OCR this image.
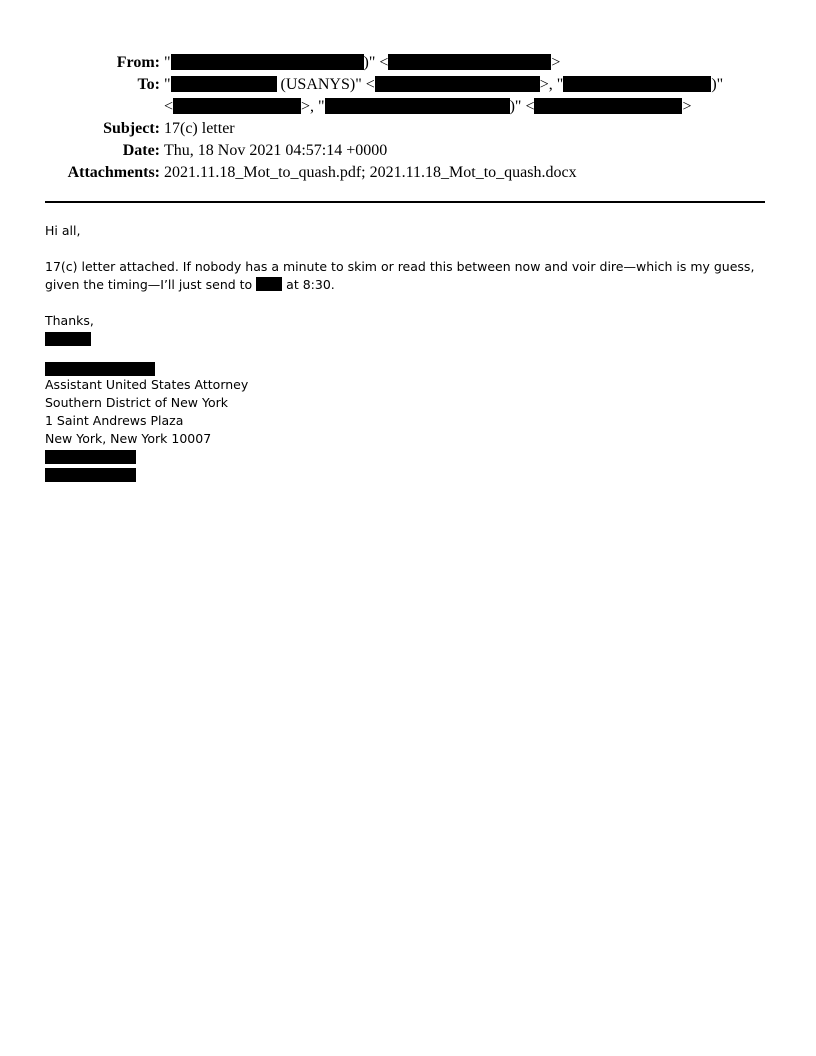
From: "	)" <	>
To: "	(USANYS)" <	>, "	)"
<	>, "	)" <	>
Subject: 17(c) letter
Date: Thu, 18 Nov 2021 04:57:14 +0000
Attachments: 2021.11.18_Mot_to_quash.pdf; 2021.11.18_Mot_to_quash.docx

Hi all,

17(c) letter attached. If nobody has a minute to skim or read this between now and voir dire—which is my guess, given the timing—I’ll just send to  at 8:30.

Thanks,

Assistant United States Attorney

Southern District of New York

1 Saint Andrews Plaza

New York, New York 10007
